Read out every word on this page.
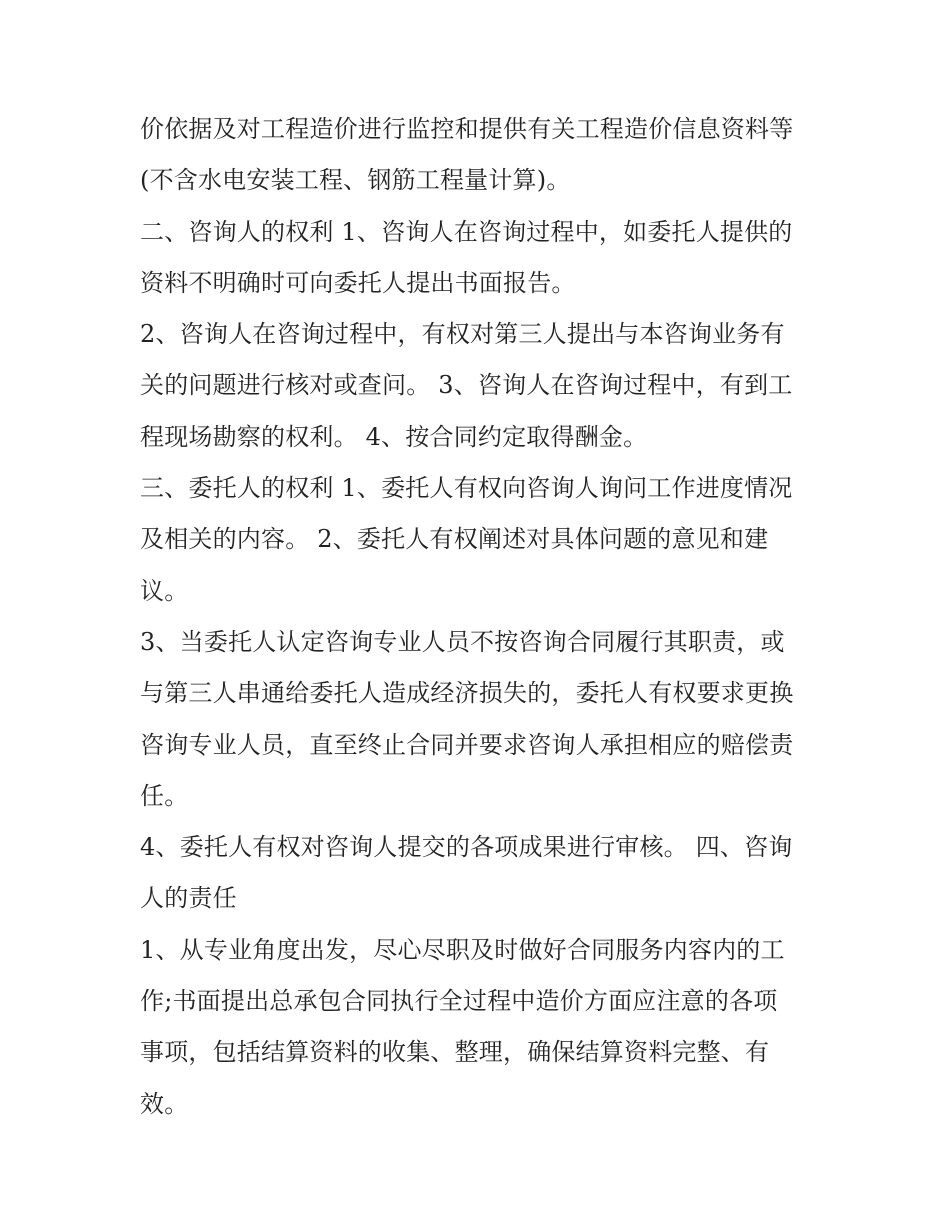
价依据及对工程造价进行监控和提供有关工程造价信息资料等
(不含水电安装工程、钢筋工程量计算)。
二、咨询人的权利 1、咨询人在咨询过程中，如委托人提供的
资料不明确时可向委托人提出书面报告。
2、咨询人在咨询过程中，有权对第三人提出与本咨询业务有
关的问题进行核对或查问。 3、咨询人在咨询过程中，有到工
程现场勘察的权利。 4、按合同约定取得酬金。
三、委托人的权利 1、委托人有权向咨询人询问工作进度情况
及相关的内容。 2、委托人有权阐述对具体问题的意见和建
议。
3、当委托人认定咨询专业人员不按咨询合同履行其职责，或
与第三人串通给委托人造成经济损失的，委托人有权要求更换
咨询专业人员，直至终止合同并要求咨询人承担相应的赔偿责
任。
4、委托人有权对咨询人提交的各项成果进行审核。 四、咨询
人的责任
1、从专业角度出发，尽心尽职及时做好合同服务内容内的工
作;书面提出总承包合同执行全过程中造价方面应注意的各项
事项，包括结算资料的收集、整理，确保结算资料完整、有
效。
